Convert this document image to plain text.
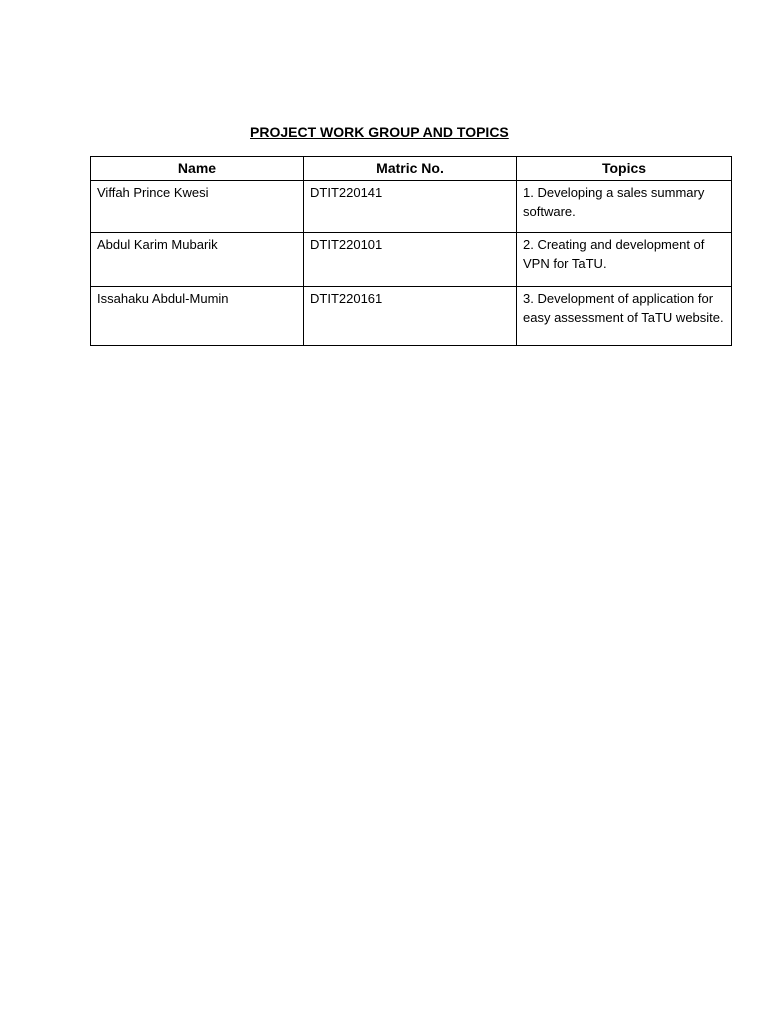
PROJECT WORK GROUP AND TOPICS
Name	Matric No.	Topics
Viffah Prince Kwesi	DTIT220141	1. Developing a sales summary software.
Abdul Karim Mubarik	DTIT220101	2. Creating and development of VPN for TaTU.
Issahaku Abdul-Mumin	DTIT220161	3. Development of application for easy assessment of TaTU website.
